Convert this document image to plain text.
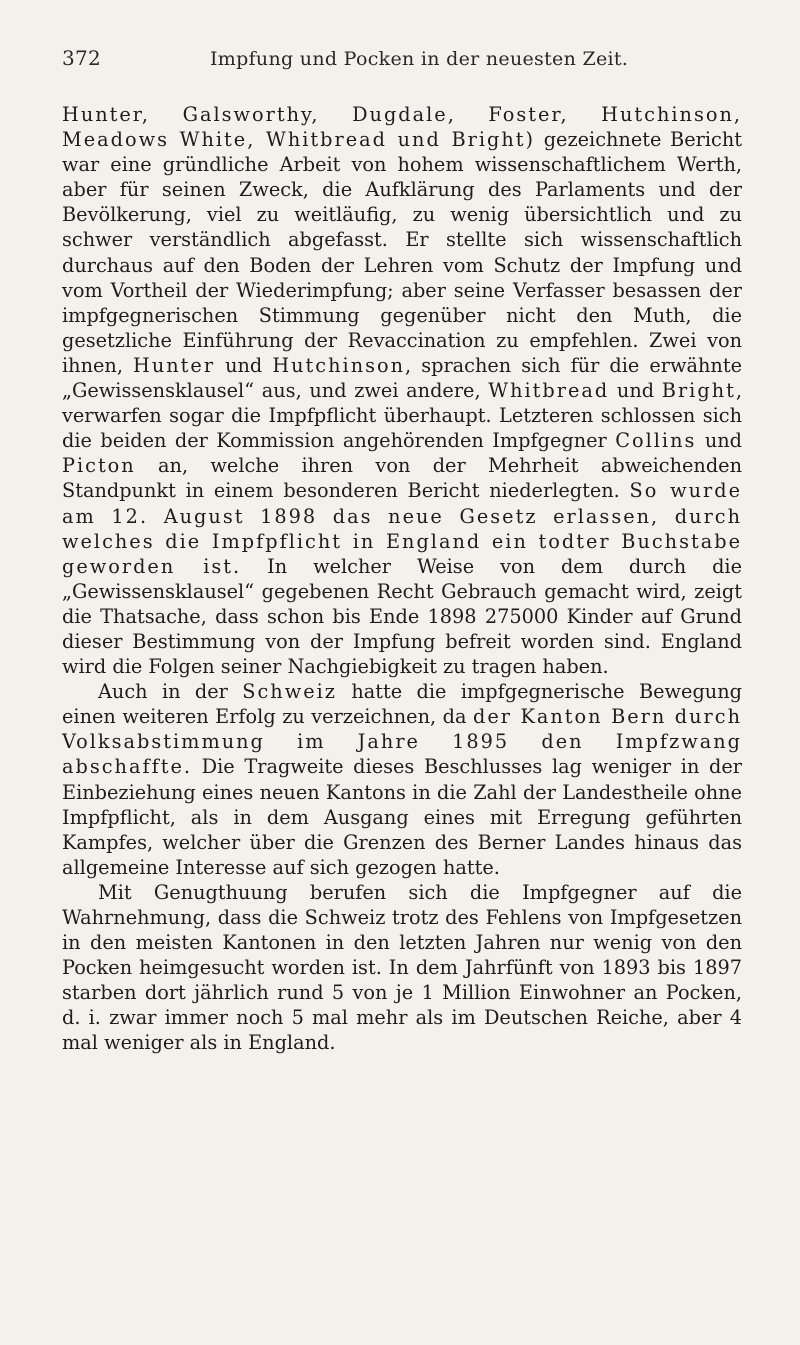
372	Impfung und Pocken in der neuesten Zeit.

Hunter, Galsworthy, Dugdale, Foster, Hutchinson, Meadows White, Whitbread und Bright) gezeichnete Bericht war eine gründliche Arbeit von hohem wissenschaftlichem Werth, aber für seinen Zweck, die Aufklärung des Parlaments und der Bevölkerung, viel zu weitläufig, zu wenig übersichtlich und zu schwer verständlich abgefasst. Er stellte sich wissenschaftlich durchaus auf den Boden der Lehren vom Schutz der Impfung und vom Vortheil der Wiederimpfung; aber seine Verfasser besassen der impfgegnerischen Stimmung gegenüber nicht den Muth, die gesetzliche Einführung der Revaccination zu empfehlen. Zwei von ihnen, Hunter und Hutchinson, sprachen sich für die erwähnte „Gewissensklausel“ aus, und zwei andere, Whitbread und Bright, verwarfen sogar die Impfpflicht überhaupt. Letzteren schlossen sich die beiden der Kommission angehörenden Impfgegner Collins und Picton an, welche ihren von der Mehrheit abweichenden Standpunkt in einem besonderen Bericht niederlegten. So wurde am 12. August 1898 das neue Gesetz erlassen, durch welches die Impfpflicht in England ein todter Buchstabe geworden ist. In welcher Weise von dem durch die „Gewissensklausel“ gegebenen Recht Gebrauch gemacht wird, zeigt die Thatsache, dass schon bis Ende 1898 275000 Kinder auf Grund dieser Bestimmung von der Impfung befreit worden sind. England wird die Folgen seiner Nachgiebigkeit zu tragen haben.

Auch in der Schweiz hatte die impfgegnerische Bewegung einen weiteren Erfolg zu verzeichnen, da der Kanton Bern durch Volksabstimmung im Jahre 1895 den Impfzwang abschaffte. Die Tragweite dieses Beschlusses lag weniger in der Einbeziehung eines neuen Kantons in die Zahl der Landestheile ohne Impfpflicht, als in dem Ausgang eines mit Erregung geführten Kampfes, welcher über die Grenzen des Berner Landes hinaus das allgemeine Interesse auf sich gezogen hatte.

Mit Genugthuung berufen sich die Impfgegner auf die Wahrnehmung, dass die Schweiz trotz des Fehlens von Impfgesetzen in den meisten Kantonen in den letzten Jahren nur wenig von den Pocken heimgesucht worden ist. In dem Jahrfünft von 1893 bis 1897 starben dort jährlich rund 5 von je 1 Million Einwohner an Pocken, d. i. zwar immer noch 5 mal mehr als im Deutschen Reiche, aber 4 mal weniger als in England.
